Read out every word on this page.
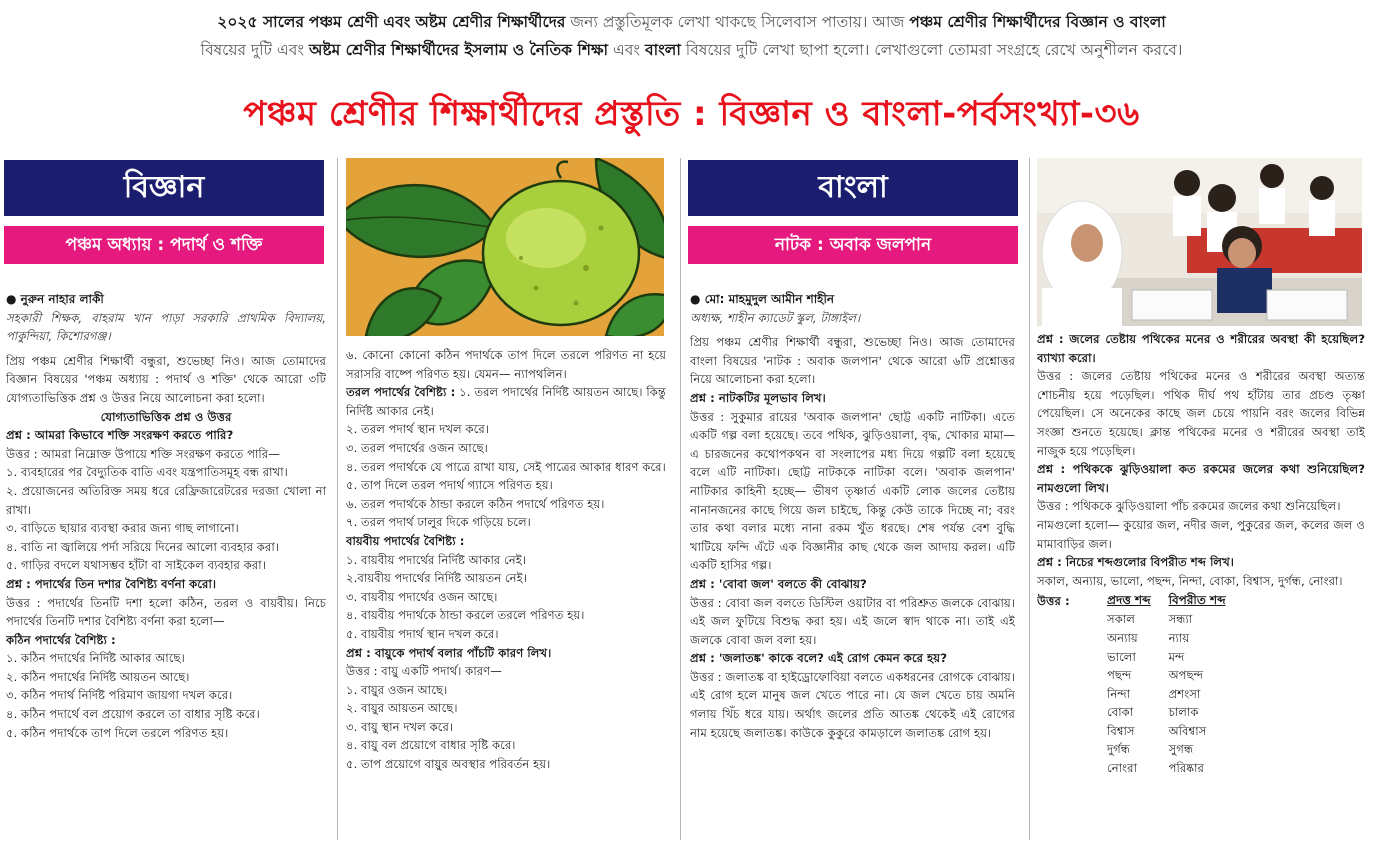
২০২৫ সালের পঞ্চম শ্রেণী এবং অষ্টম শ্রেণীর শিক্ষার্থীদের জন্য প্রস্তুতিমূলক লেখা থাকছে সিলেবাস পাতায়। আজ পঞ্চম শ্রেণীর শিক্ষার্থীদের বিজ্ঞান ও বাংলা
বিষয়ের দুটি এবং অষ্টম শ্রেণীর শিক্ষার্থীদের ইসলাম ও নৈতিক শিক্ষা এবং বাংলা বিষয়ের দুটি লেখা ছাপা হলো। লেখাগুলো তোমরা সংগ্রহে রেখে অনুশীলন করবে।
পঞ্চম শ্রেণীর শিক্ষার্থীদের প্রস্তুতি : বিজ্ঞান ও বাংলা-পর্বসংখ্যা-৩৬
বিজ্ঞান
পঞ্চম অধ্যায় : পদার্থ ও শক্তি

● নুরুন নাহার লাকী

সহকারী শিক্ষক, বাহরাম খান পাড়া সরকারি প্রাথমিক বিদ্যালয়, পাকুন্দিয়া, কিশোরগঞ্জ।

প্রিয় পঞ্চম শ্রেণীর শিক্ষার্থী বন্ধুরা, শুভেচ্ছা নিও। আজ তোমাদের বিজ্ঞান বিষয়ের 'পঞ্চম অধ্যায় : পদার্থ ও শক্তি' থেকে আরো ৩টি যোগ্যতাভিত্তিক প্রশ্ন ও উত্তর নিয়ে আলোচনা করা হলো।

যোগ্যতাভিত্তিক প্রশ্ন ও উত্তর

প্রশ্ন : আমরা কিভাবে শক্তি সংরক্ষণ করতে পারি?

উত্তর : আমরা নিম্নোক্ত উপায়ে শক্তি সংরক্ষণ করতে পারি—

১. ব্যবহারের পর বৈদ্যুতিক বাতি এবং যন্ত্রপাতিসমূহ বন্ধ রাখা।

২. প্রয়োজনের অতিরিক্ত সময় ধরে রেফ্রিজারেটরের দরজা খোলা না রাখা।

৩. বাড়িতে ছায়ার ব্যবস্থা করার জন্য গাছ লাগানো।

৪. বাতি না জ্বালিয়ে পর্দা সরিয়ে দিনের আলো ব্যবহার করা।

৫. গাড়ির বদলে যথাসম্ভব হাঁটা বা সাইকেল ব্যবহার করা।

প্রশ্ন : পদার্থের তিন দশার বৈশিষ্ট্য বর্ণনা করো।

উত্তর : পদার্থের তিনটি দশা হলো কঠিন, তরল ও বায়বীয়। নিচে পদার্থের তিনটি দশার বৈশিষ্ট্য বর্ণনা করা হলো—

কঠিন পদার্থের বৈশিষ্ট্য :

১. কঠিন পদার্থের নির্দিষ্ট আকার আছে।

২. কঠিন পদার্থের নির্দিষ্ট আয়তন আছে।

৩. কঠিন পদার্থ নির্দিষ্ট পরিমাণ জায়গা দখল করে।

৪. কঠিন পদার্থে বল প্রয়োগ করলে তা বাধার সৃষ্টি করে।

৫. কঠিন পদার্থকে তাপ দিলে তরলে পরিণত হয়।

৬. কোনো কোনো কঠিন পদার্থকে তাপ দিলে তরলে পরিণত না হয়ে সরাসরি বাষ্পে পরিণত হয়। যেমন— ন্যাপথলিন।

তরল পদার্থের বৈশিষ্ট্য : ১. তরল পদার্থের নির্দিষ্ট আয়তন আছে। কিন্তু নির্দিষ্ট আকার নেই।

২. তরল পদার্থ স্থান দখল করে।

৩. তরল পদার্থের ওজন আছে।

৪. তরল পদার্থকে যে পাত্রে রাখা যায়, সেই পাত্রের আকার ধারণ করে।

৫. তাপ দিলে তরল পদার্থ গ্যাসে পরিণত হয়।

৬. তরল পদার্থকে ঠান্ডা করলে কঠিন পদার্থে পরিণত হয়।

৭. তরল পদার্থ ঢালুর দিকে গড়িয়ে চলে।

বায়বীয় পদার্থের বৈশিষ্ট্য :

১. বায়বীয় পদার্থের নির্দিষ্ট আকার নেই।

২.বায়বীয় পদার্থের নির্দিষ্ট আয়তন নেই।

৩. বায়বীয় পদার্থের ওজন আছে।

৪. বায়বীয় পদার্থকে ঠান্ডা করলে তরলে পরিণত হয়।

৫. বায়বীয় পদার্থ স্থান দখল করে।

প্রশ্ন : বায়ুকে পদার্থ বলার পাঁচটি কারণ লিখ।

উত্তর : বায়ু একটি পদার্থ। কারণ—

১. বায়ুর ওজন আছে।

২. বায়ুর আয়তন আছে।

৩. বায়ু স্থান দখল করে।

৪. বায়ু বল প্রয়োগে বাধার সৃষ্টি করে।

৫. তাপ প্রয়োগে বায়ুর অবস্থার পরিবর্তন হয়।

বাংলা
নাটক : অবাক জলপান

● মো: মাহমুদুল আমীন শাহীন

অধ্যক্ষ, শাহীন ক্যাডেট স্কুল, টাঙ্গাইল।

প্রিয় পঞ্চম শ্রেণীর শিক্ষার্থী বন্ধুরা, শুভেচ্ছা নিও। আজ তোমাদের বাংলা বিষয়ের 'নাটক : অবাক জলপান' থেকে আরো ৬টি প্রশ্নোত্তর নিয়ে আলোচনা করা হলো।

প্রশ্ন : নাটকটির মূলভাব লিখ।

উত্তর : সুকুমার রায়ের 'অবাক জলপান' ছোট্ট একটি নাটিকা। এতে একটি গল্প বলা হয়েছে। তবে পথিক, ঝুড়িওয়ালা, বৃদ্ধ, খোকার মামা— এ চারজনের কথোপকথন বা সংলাপের মধ্য দিয়ে গল্পটি বলা হয়েছে বলে এটি নাটিকা। ছোট্ট নাটককে নাটিকা বলে। 'অবাক জলপান' নাটিকার কাহিনী হচ্ছে— ভীষণ তৃষ্ণার্ত একটি লোক জলের তেষ্টায় নানানজনের কাছে গিয়ে জল চাইছে, কিন্তু কেউ তাকে দিচ্ছে না; বরং তার কথা বলার মধ্যে নানা রকম খুঁত ধরছে। শেষ পর্যন্ত বেশ বুদ্ধি খাটিয়ে ফন্দি এঁটে এক বিজ্ঞানীর কাছ থেকে জল আদায় করল। এটি একটি হাসির গল্প।

প্রশ্ন : 'বোবা জল' বলতে কী বোঝায়?

উত্তর : বোবা জল বলতে ডিস্টিল ওয়াটার বা পরিশ্রুত জলকে বোঝায়। এই জল ফুটিয়ে বিশুদ্ধ করা হয়। এই জলে স্বাদ থাকে না। তাই এই জলকে বোবা জল বলা হয়।

প্রশ্ন : 'জলাতঙ্ক' কাকে বলে? এই রোগ কেমন করে হয়?

উত্তর : জলাতঙ্ক বা হাইড্রোফোবিয়া বলতে একধরনের রোগকে বোঝায়। এই রোগ হলে মানুষ জল খেতে পারে না। যে জল খেতে চায় অমনি গলায় খিঁচ ধরে যায়। অর্থাৎ জলের প্রতি আতঙ্ক থেকেই এই রোগের নাম হয়েছে জলাতঙ্ক। কাউকে কুকুরে কামড়ালে জলাতঙ্ক রোগ হয়।

প্রশ্ন : জলের তেষ্টায় পথিকের মনের ও শরীরের অবস্থা কী হয়েছিল? ব্যাখ্যা করো।

উত্তর : জলের তেষ্টায় পথিকের মনের ও শরীরের অবস্থা অত্যন্ত শোচনীয় হয়ে পড়েছিল। পথিক দীর্ঘ পথ হাঁটায় তার প্রচণ্ড তৃষ্ণা পেয়েছিল। সে অনেকের কাছে জল চেয়ে পায়নি বরং জলের বিভিন্ন সংজ্ঞা শুনতে হয়েছে। ক্লান্ত পথিকের মনের ও শরীরের অবস্থা তাই নাজুক হয়ে পড়েছিল।

প্রশ্ন : পথিককে ঝুড়িওয়ালা কত রকমের জলের কথা শুনিয়েছিল? নামগুলো লিখ।

উত্তর : পথিককে ঝুড়িওয়ালা পাঁচ রকমের জলের কথা শুনিয়েছিল।

নামগুলো হলো— কুয়োর জল, নদীর জল, পুকুরের জল, কলের জল ও মামাবাড়ির জল।

প্রশ্ন : নিচের শব্দগুলোর বিপরীত শব্দ লিখ।

সকাল, অন্যায়, ভালো, পছন্দ, নিন্দা, বোকা, বিশ্বাস, দুর্গন্ধ, নোংরা।

উত্তর :	প্রদত্ত শব্দ	বিপরীত শব্দ
সকাল	সন্ধ্যা
অন্যায়	ন্যায়
ভালো	মন্দ
পছন্দ	অপছন্দ
নিন্দা	প্রশংসা
বোকা	চালাক
বিশ্বাস	অবিশ্বাস
দুর্গন্ধ	সুগন্ধ
নোংরা	পরিষ্কার
